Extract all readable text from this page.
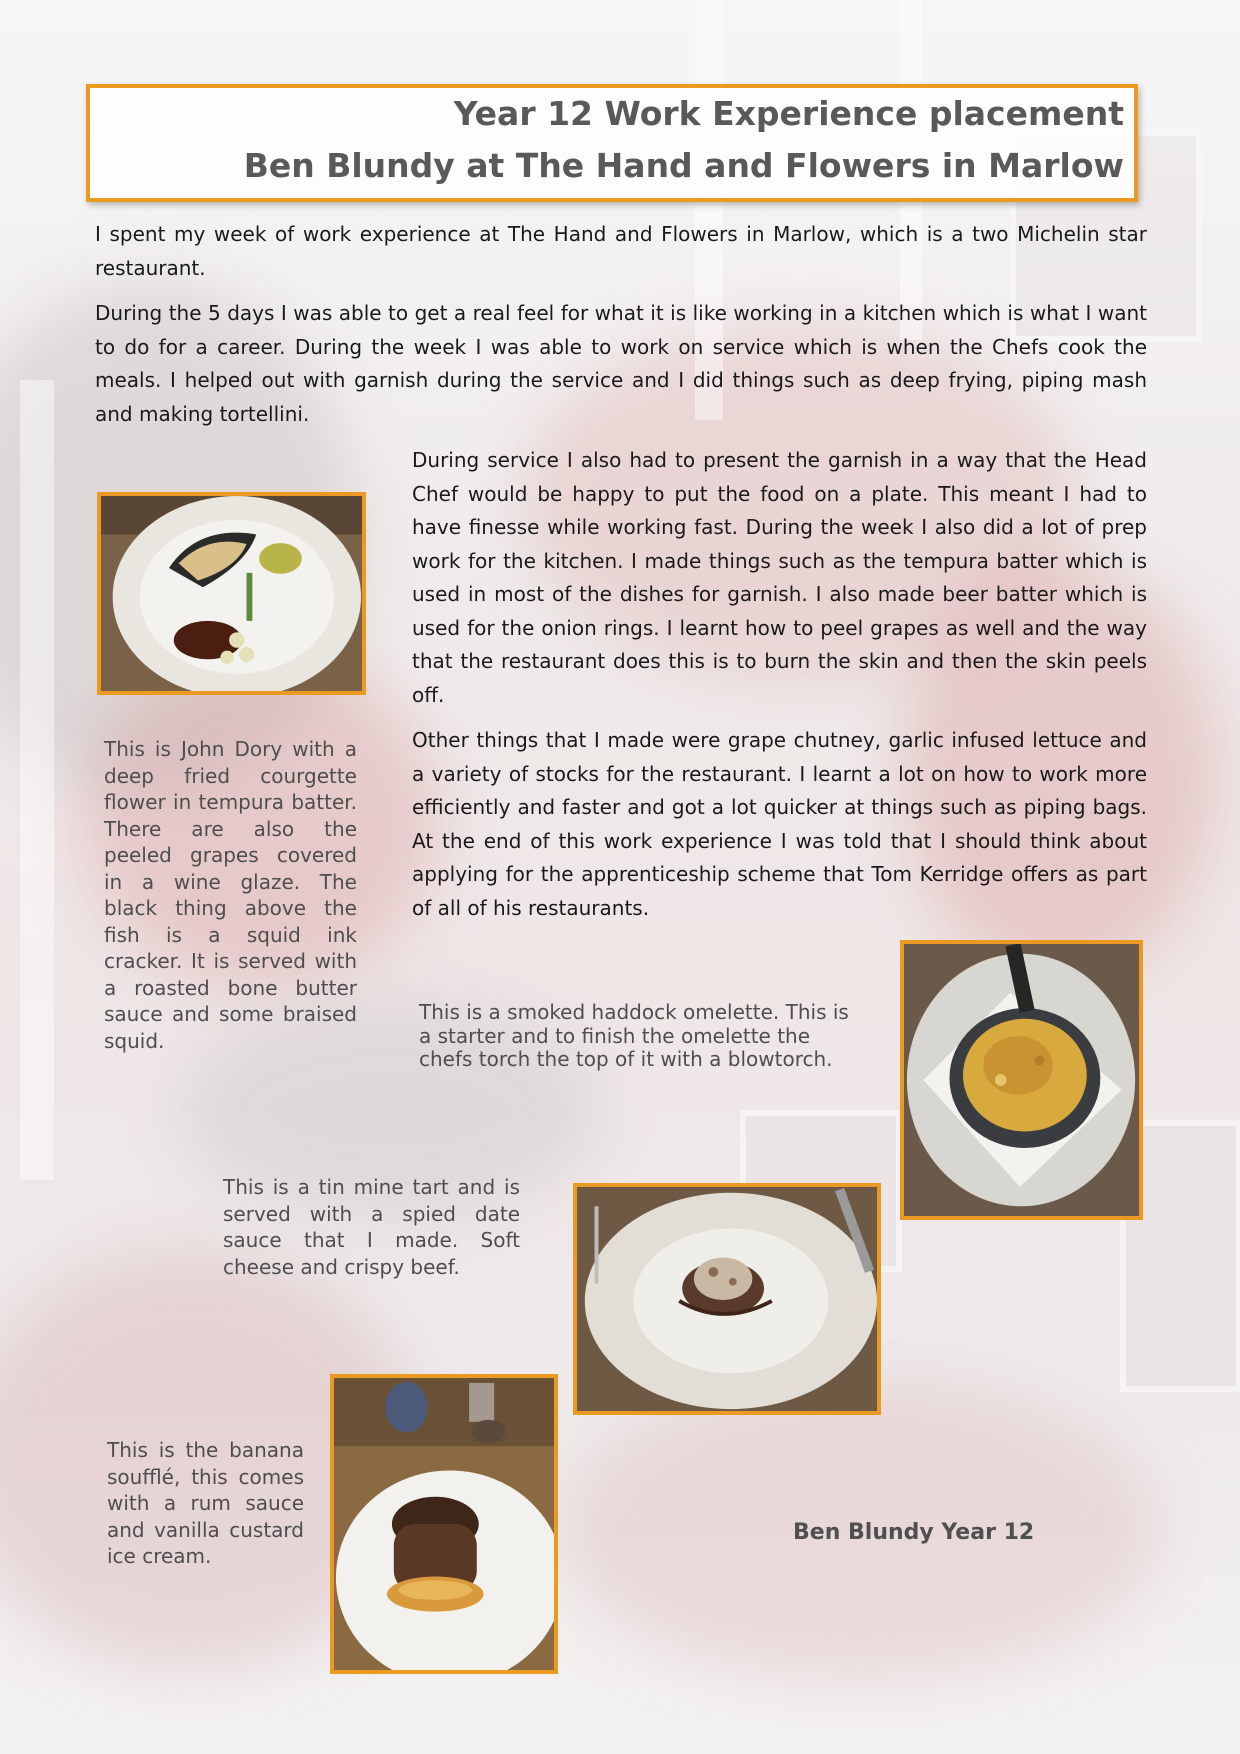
Year 12 Work Experience placement
Ben Blundy at The Hand and Flowers in Marlow

I spent my week of work experience at The Hand and Flowers in Marlow, which is a two Michelin star restaurant.

During the 5 days I was able to get a real feel for what it is like working in a kitchen which is what I want to do for a career. During the week I was able to work on service which is when the Chefs cook the meals. I helped out with garnish during the service and I did things such as deep frying, piping mash and making tortellini.

During service I also had to present the garnish in a way that the Head Chef would be happy to put the food on a plate. This meant I had to have finesse while working fast. During the week I also did a lot of prep work for the kitchen. I made things such as the tempura batter which is used in most of the dishes for garnish. I also made beer batter which is used for the onion rings. I learnt how to peel grapes as well and the way that the restaurant does this is to burn the skin and then the skin peels off.

Other things that I made were grape chutney, garlic infused lettuce and a variety of stocks for the restaurant. I learnt a lot on how to work more efficiently and faster and got a lot quicker at things such as piping bags. At the end of this work experience I was told that I should think about applying for the apprenticeship scheme that Tom Kerridge offers as part of all of his restaurants.

This is John Dory with a deep fried courgette flower in tempura batter. There are also the peeled grapes covered in a wine glaze. The black thing above the fish is a squid ink cracker. It is served with a roasted bone butter sauce and some braised squid.

This is a smoked haddock omelette. This is a starter and to finish the omelette the chefs torch the top of it with a blowtorch.

This is a tin mine tart and is served with a spied date sauce that I made. Soft cheese and crispy beef.

This is the banana soufflé, this comes with a rum sauce and vanilla custard ice cream.

Ben Blundy Year 12
